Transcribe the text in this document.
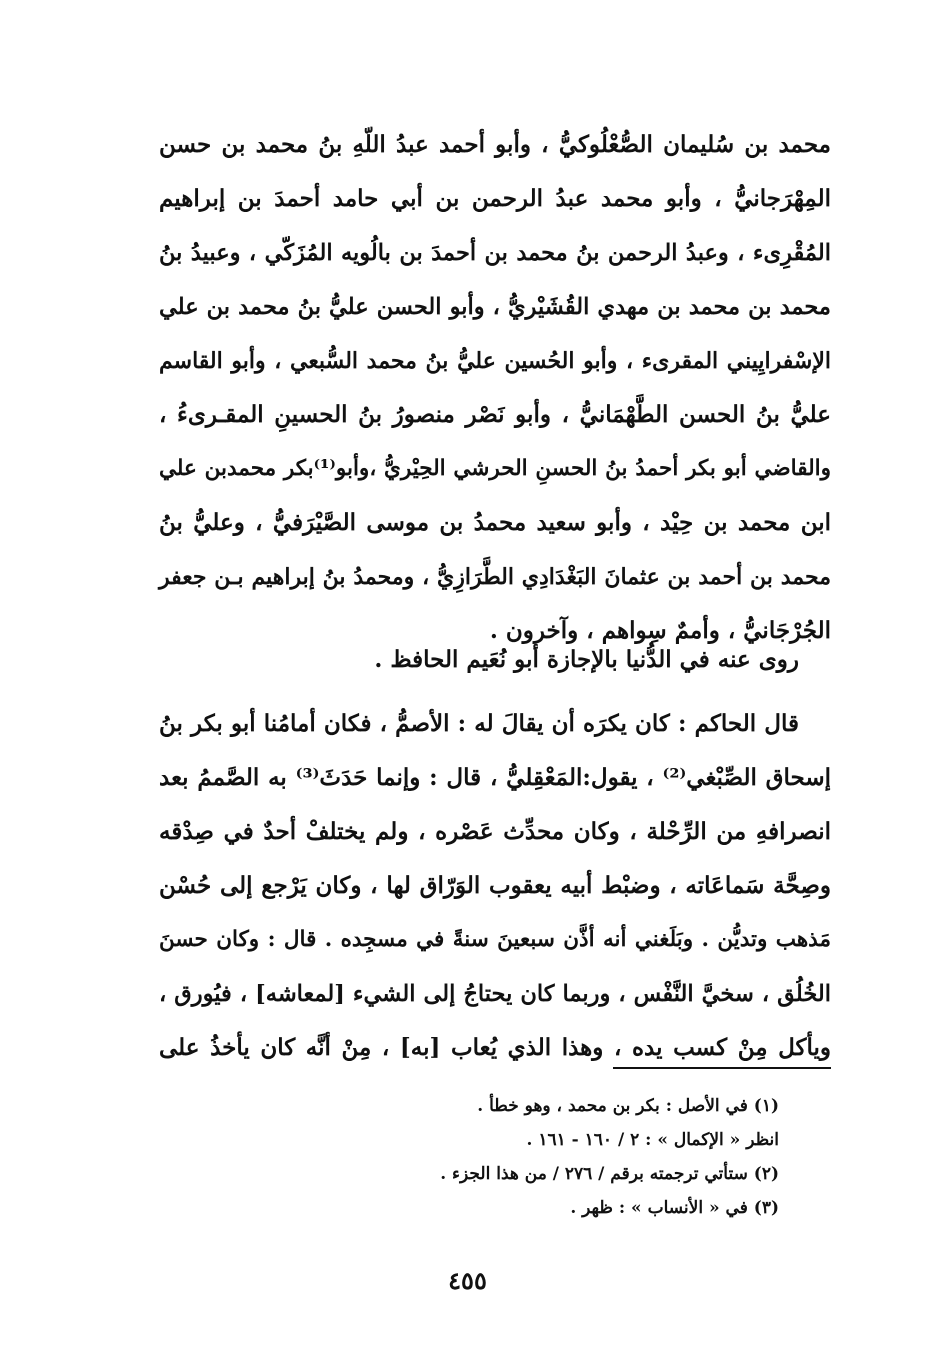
محمد بن سُليمان الصُّعْلُوكيُّ ، وأبو أحمد عبدُ اللّهِ بنُ محمد بن حسن
المِهْرَجانيُّ ، وأبو محمد عبدُ الرحمن بن أبي حامد أحمدَ بن إبراهيم
المُقْرِىء ، وعبدُ الرحمن بنُ محمد بن أحمدَ بن بالُويه المُزَكّي ، وعبيدُ بنُ
محمد بن محمد بن مهدي القُشَيْريُّ ، وأبو الحسن عليُّ بنُ محمد بن علي
الإسْفرايِيني المقرىء ، وأبو الحُسين عليُّ بنُ محمد السُّبعي ، وأبو القاسم
عليُّ بنُ الحسن الطَّهْمَانيُّ ، وأبو نَصْر منصورُ بنُ الحسينِ المقـرىءُ ،
والقاضي أبو بكر أحمدُ بنُ الحسنِ الحرشي الحِيْريُّ ،وأبو⁽¹⁾بكر محمدبن علي
ابن محمد بن حِيْد ، وأبو سعيد محمدُ بن موسى الصَّيْرَفيُّ ، وعليُّ بنُ
محمد بن أحمد بن عثمانَ البَغْدَادِي الطَّرَازِيُّ ، ومحمدُ بنُ إبراهيم بـن جعفر
الجُرْجَانيُّ ، وأممٌ سِواهم ، وآخرون .
روى عنه في الدُّنيا بالإجازة أبو نُعَيم الحافظ .
قال الحاكم : كان يكرَه أن يقالَ له : الأصمُّ ، فكان أمامُنا أبو بكر بنُ
إسحاق الصِّبْغي⁽²⁾ ، يقول:المَعْقِليُّ ، قال : وإنما حَدَثَ⁽³⁾ به الصَّممُ بعد
انصرافهِ من الرِّحْلة ، وكان محدِّث عَصْره ، ولم يختلفْ أحدٌ في صِدْقه
وصِحَّة سَماعَاته ، وضبْط أبيه يعقوب الوَرّاق لها ، وكان يَرْجع إلى حُسْن
مَذهب وتديُّن . وبَلَغني أنه أذَّن سبعينَ سنةً في مسجِده . قال : وكان حسنَ
الخُلُق ، سخيَّ النَّفْس ، وربما كان يحتاجُ إلى الشيء [لمعاشه] ، فيُورق ،
ويأكل مِنْ كسب يده ، وهذا الذي يُعاب [به] ، مِنْ أنَّه كان يأخذُ على
(١) في الأصل : بكر بن محمد ، وهو خطأ .
انظر « الإكمال » : ٢ / ١٦٠ - ١٦١ .
(٢) ستأتي ترجمته برقم / ٢٧٦ / من هذا الجزء .
(٣) في « الأنساب » : ظهر .
٤٥٥
